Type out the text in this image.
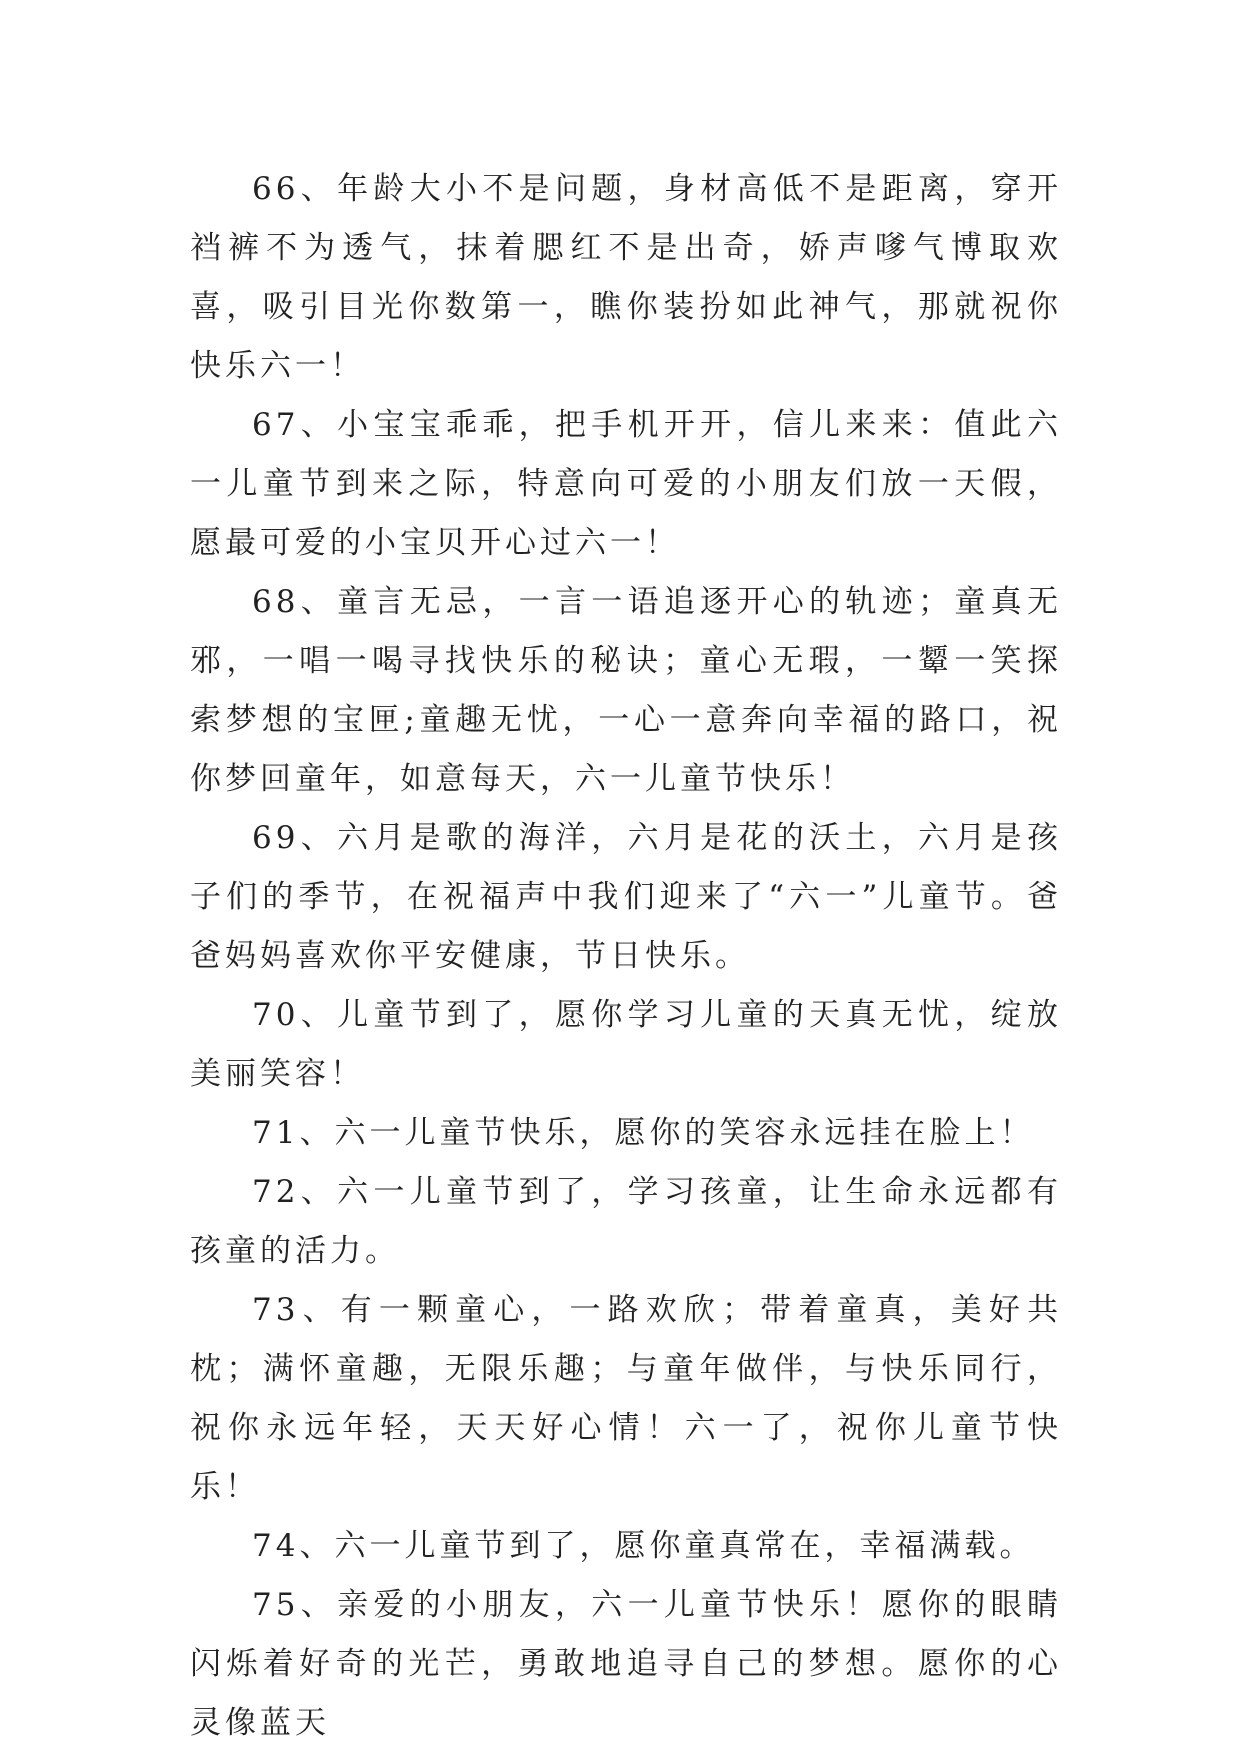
66、年龄大小不是问题，身材高低不是距离，穿开裆裤不为透气，抹着腮红不是出奇，娇声嗲气博取欢喜，吸引目光你数第一，瞧你装扮如此神气，那就祝你快乐六一！

67、小宝宝乖乖，把手机开开，信儿来来：值此六一儿童节到来之际，特意向可爱的小朋友们放一天假，愿最可爱的小宝贝开心过六一！

68、童言无忌，一言一语追逐开心的轨迹；童真无邪，一唱一喝寻找快乐的秘诀；童心无瑕，一颦一笑探索梦想的宝匣;童趣无忧，一心一意奔向幸福的路口，祝你梦回童年，如意每天，六一儿童节快乐！

69、六月是歌的海洋，六月是花的沃土，六月是孩子们的季节，在祝福声中我们迎来了“六一”儿童节。爸爸妈妈喜欢你平安健康，节日快乐。

70、儿童节到了，愿你学习儿童的天真无忧，绽放美丽笑容！

71、六一儿童节快乐，愿你的笑容永远挂在脸上！

72、六一儿童节到了，学习孩童，让生命永远都有孩童的活力。

73、有一颗童心，一路欢欣；带着童真，美好共枕；满怀童趣，无限乐趣；与童年做伴，与快乐同行，祝你永远年轻，天天好心情！六一了，祝你儿童节快乐！

74、六一儿童节到了，愿你童真常在，幸福满载。

75、亲爱的小朋友，六一儿童节快乐！愿你的眼睛闪烁着好奇的光芒，勇敢地追寻自己的梦想。愿你的心灵像蓝天
